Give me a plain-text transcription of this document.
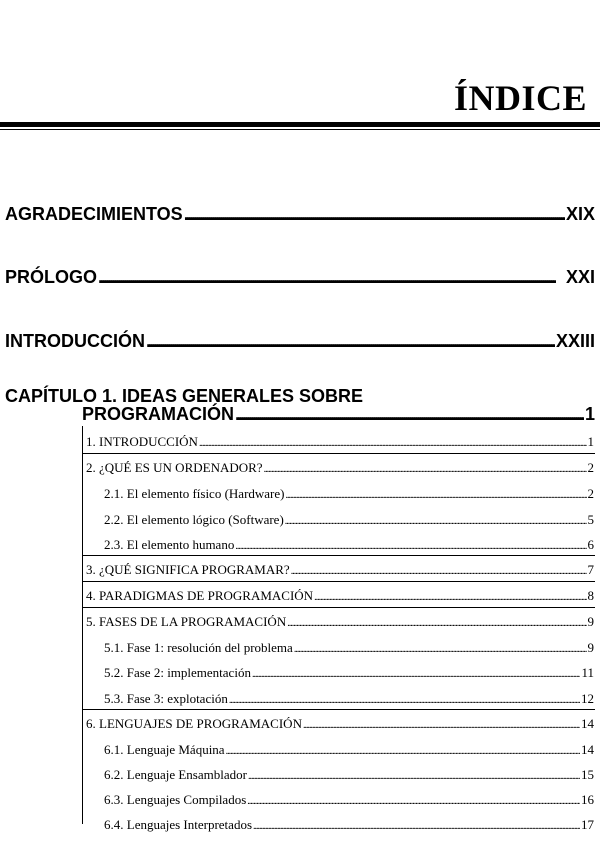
ÍNDICE
AGRADECIMIENTOS .....	XIX
PRÓLOGO .....	XXI
INTRODUCCIÓN .....	XXIII
CAPÍTULO 1. IDEAS GENERALES SOBRE
PROGRAMACIÓN .....	1
1. INTRODUCCIÓN .....	1
2. ¿QUÉ ES UN ORDENADOR? .....	2
2.1. El elemento físico (Hardware) .....	2
2.2. El elemento lógico (Software) .....	5
2.3. El elemento humano .....	6
3. ¿QUÉ SIGNIFICA PROGRAMAR? .....	7
4. PARADIGMAS DE PROGRAMACIÓN .....	8
5. FASES DE LA PROGRAMACIÓN .....	9
5.1. Fase 1: resolución del problema .....	9
5.2. Fase 2: implementación .....	11
5.3. Fase 3: explotación .....	12
6. LENGUAJES DE PROGRAMACIÓN .....	14
6.1. Lenguaje Máquina .....	14
6.2. Lenguaje Ensamblador .....	15
6.3. Lenguajes Compilados .....	16
6.4. Lenguajes Interpretados .....	17
